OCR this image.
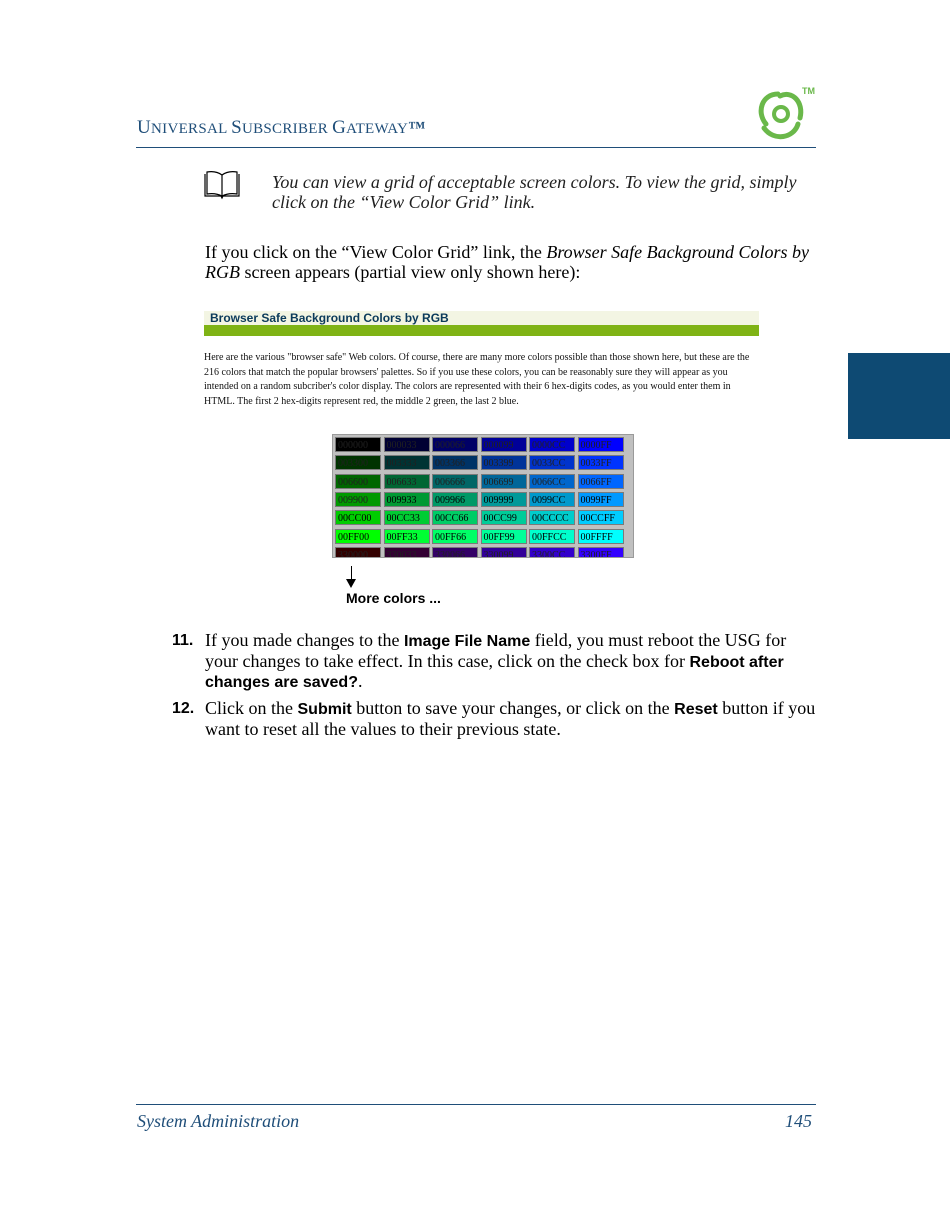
UNIVERSAL SUBSCRIBER GATEWAY™
TM
You can view a grid of acceptable screen colors. To view the grid, simply click on the “View Color Grid” link.
If you click on the “View Color Grid” link, the Browser Safe Background Colors by RGB screen appears (partial view only shown here):
Browser Safe Background Colors by RGB
Here are the various "browser safe" Web colors. Of course, there are many more colors possible than those shown here, but these are the 216 colors that match the popular browsers' palettes. So if you use these colors, you can be reasonably sure they will appear as you intended on a random subcriber's color display. The colors are represented with their 6 hex-digits codes, as you would enter them in HTML. The first 2 hex-digits represent red, the middle 2 green, the last 2 blue.
000000	000033	000066	000099	0000CC	0000FF
003300	003333	003366	003399	0033CC	0033FF
006600	006633	006666	006699	0066CC	0066FF
009900	009933	009966	009999	0099CC	0099FF
00CC00	00CC33	00CC66	00CC99	00CCCC	00CCFF
00FF00	00FF33	00FF66	00FF99	00FFCC	00FFFF
330000	330033	330066	330099	3300CC	3300FF
More colors ...
11. If you made changes to the Image File Name field, you must reboot the USG for your changes to take effect. In this case, click on the check box for Reboot after changes are saved?.
12. Click on the Submit button to save your changes, or click on the Reset button if you want to reset all the values to their previous state.
System Administration	145
